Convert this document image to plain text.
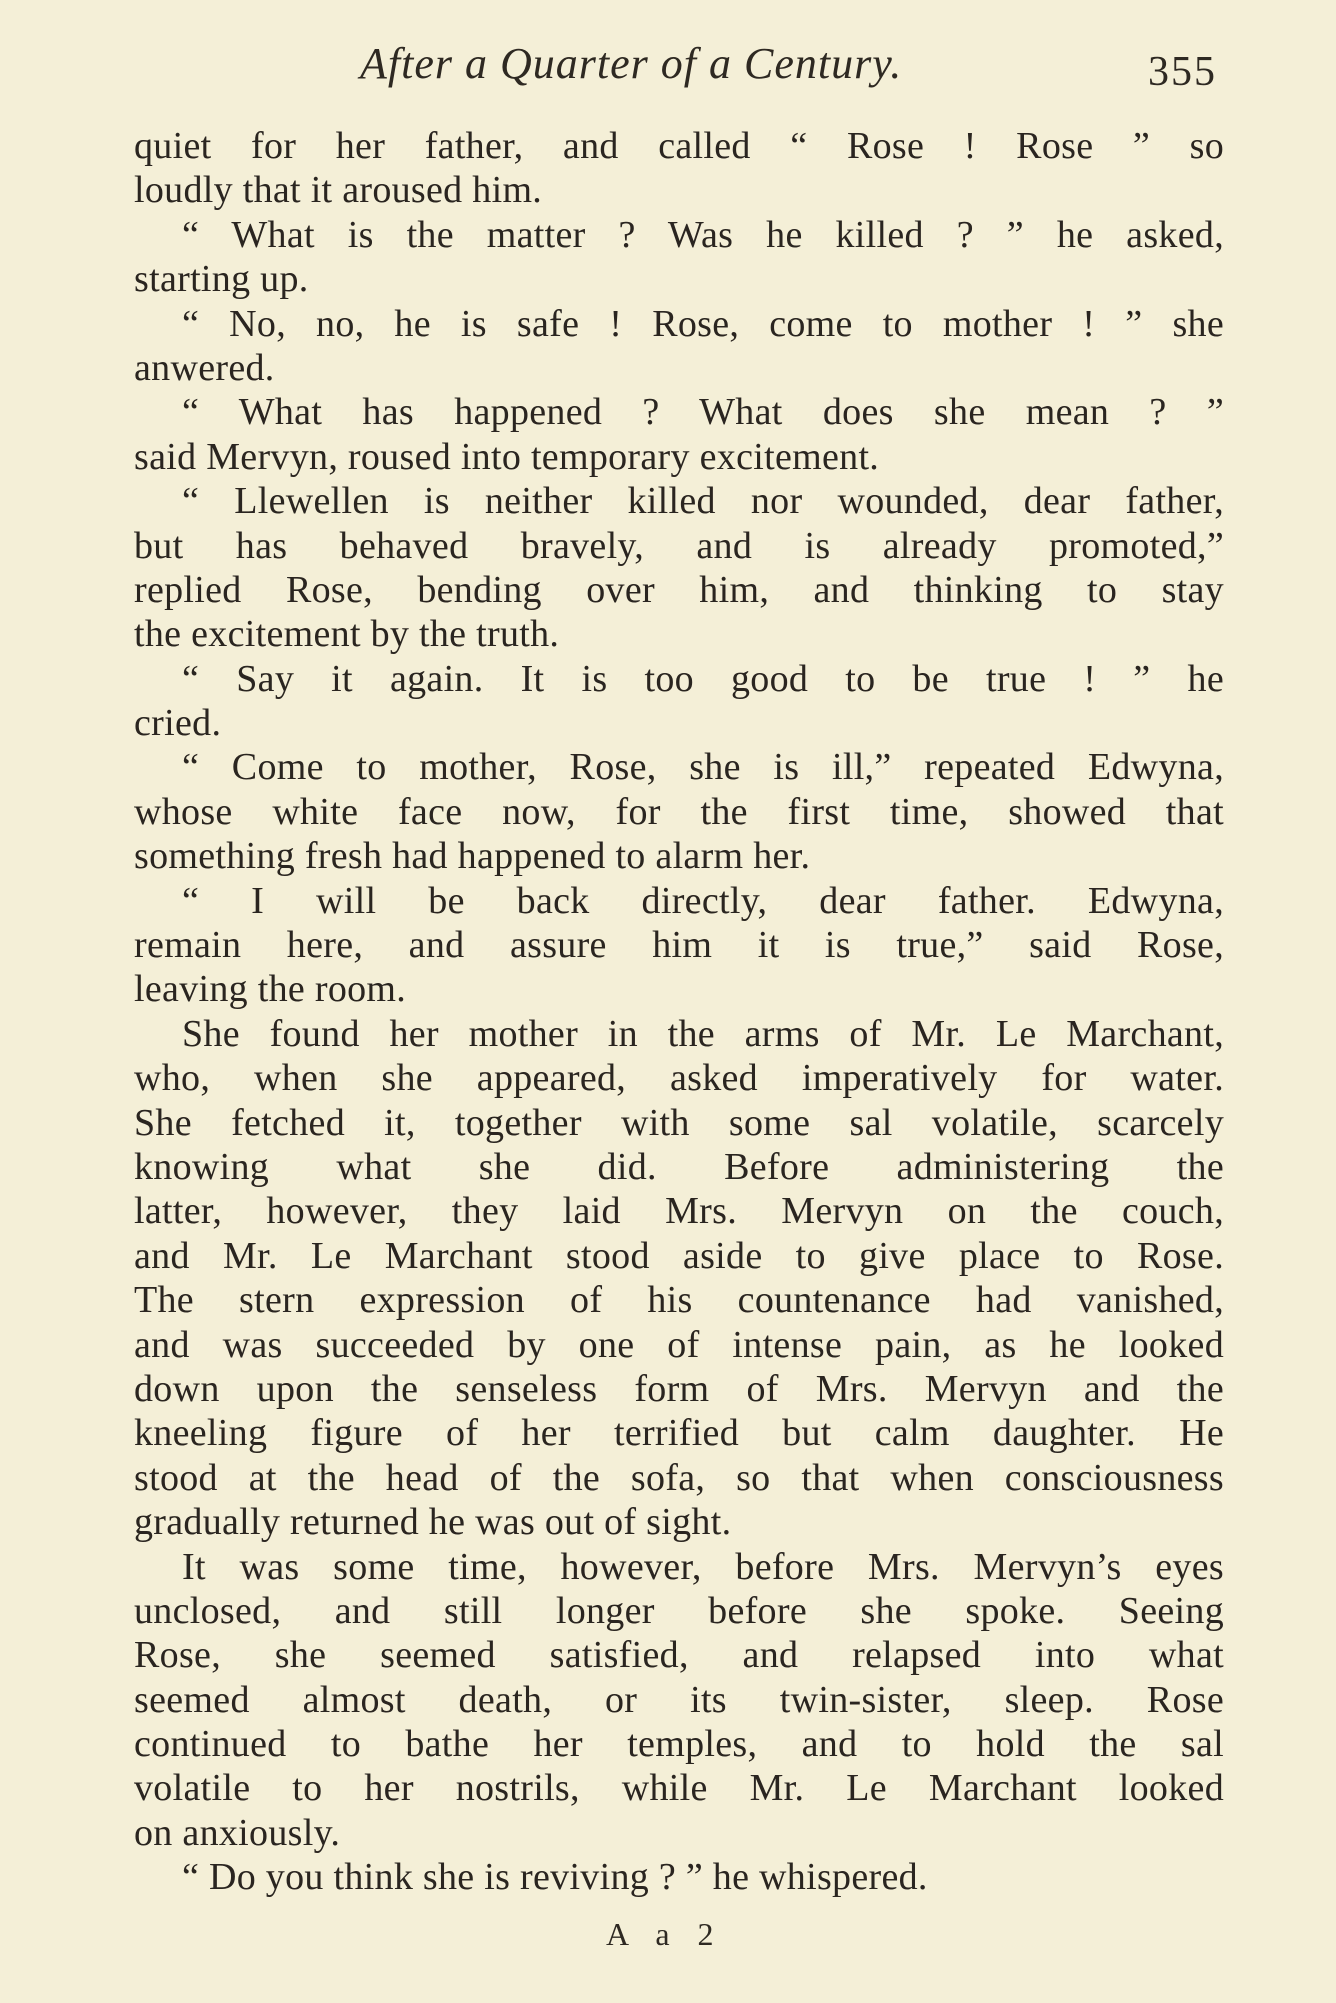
After a Quarter of a Century.	355
quiet for her father, and called “ Rose ! Rose ” so
loudly that it aroused him.
“ What is the matter ? Was he killed ? ” he asked,
starting up.
“ No, no, he is safe ! Rose, come to mother ! ” she
anwered.
“ What has happened ? What does she mean ? ”
said Mervyn, roused into temporary excitement.
“ Llewellen is neither killed nor wounded, dear father,
but has behaved bravely, and is already promoted,”
replied Rose, bending over him, and thinking to stay
the excitement by the truth.
“ Say it again. It is too good to be true ! ” he
cried.
“ Come to mother, Rose, she is ill,” repeated Edwyna,
whose white face now, for the first time, showed that
something fresh had happened to alarm her.
“ I will be back directly, dear father. Edwyna,
remain here, and assure him it is true,” said Rose,
leaving the room.
She found her mother in the arms of Mr. Le Marchant,
who, when she appeared, asked imperatively for water.
She fetched it, together with some sal volatile, scarcely
knowing what she did. Before administering the
latter, however, they laid Mrs. Mervyn on the couch,
and Mr. Le Marchant stood aside to give place to Rose.
The stern expression of his countenance had vanished,
and was succeeded by one of intense pain, as he looked
down upon the senseless form of Mrs. Mervyn and the
kneeling figure of her terrified but calm daughter. He
stood at the head of the sofa, so that when consciousness
gradually returned he was out of sight.
It was some time, however, before Mrs. Mervyn’s eyes
unclosed, and still longer before she spoke. Seeing
Rose, she seemed satisfied, and relapsed into what
seemed almost death, or its twin-sister, sleep. Rose
continued to bathe her temples, and to hold the sal
volatile to her nostrils, while Mr. Le Marchant looked
on anxiously.
“ Do you think she is reviving ? ” he whispered.
A a 2
